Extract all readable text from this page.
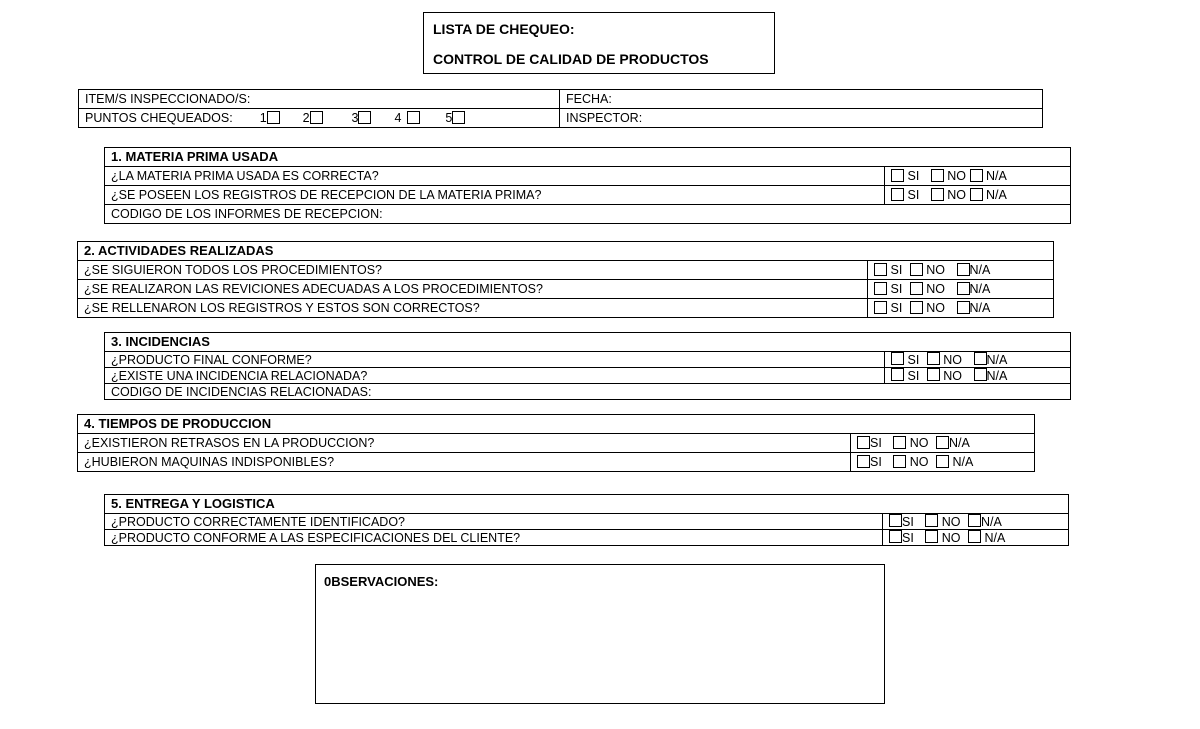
LISTA DE CHEQUEO:
CONTROL DE CALIDAD DE PRODUCTOS
ITEM/S INSPECCIONADO/S:	FECHA:
PUNTOS CHEQUEADOS: 1 2 3 4 5	INSPECTOR:
1. MATERIA PRIMA USADA	
¿LA MATERIA PRIMA USADA ES CORRECTA?	SI NO N/A
¿SE POSEEN LOS REGISTROS DE RECEPCION DE LA MATERIA PRIMA?	SI NO N/A
CODIGO DE LOS INFORMES DE RECEPCION:	
2. ACTIVIDADES REALIZADAS	
¿SE SIGUIERON TODOS LOS PROCEDIMIENTOS?	SI NO N/A
¿SE REALIZARON LAS REVICIONES ADECUADAS A LOS PROCEDIMIENTOS?	SI NO N/A
¿SE RELLENARON LOS REGISTROS Y ESTOS SON CORRECTOS?	SI NO N/A
3. INCIDENCIAS	
¿PRODUCTO FINAL CONFORME?	SI NO N/A
¿EXISTE UNA INCIDENCIA RELACIONADA?	SI NO N/A
CODIGO DE INCIDENCIAS RELACIONADAS:	
4. TIEMPOS DE PRODUCCION	
¿EXISTIERON RETRASOS EN LA PRODUCCION?	SI NO N/A
¿HUBIERON MAQUINAS INDISPONIBLES?	SI NO N/A
5. ENTREGA Y LOGISTICA	
¿PRODUCTO CORRECTAMENTE IDENTIFICADO?	SI NO N/A
¿PRODUCTO CONFORME A LAS ESPECIFICACIONES DEL CLIENTE?	SI NO N/A
0BSERVACIONES:
